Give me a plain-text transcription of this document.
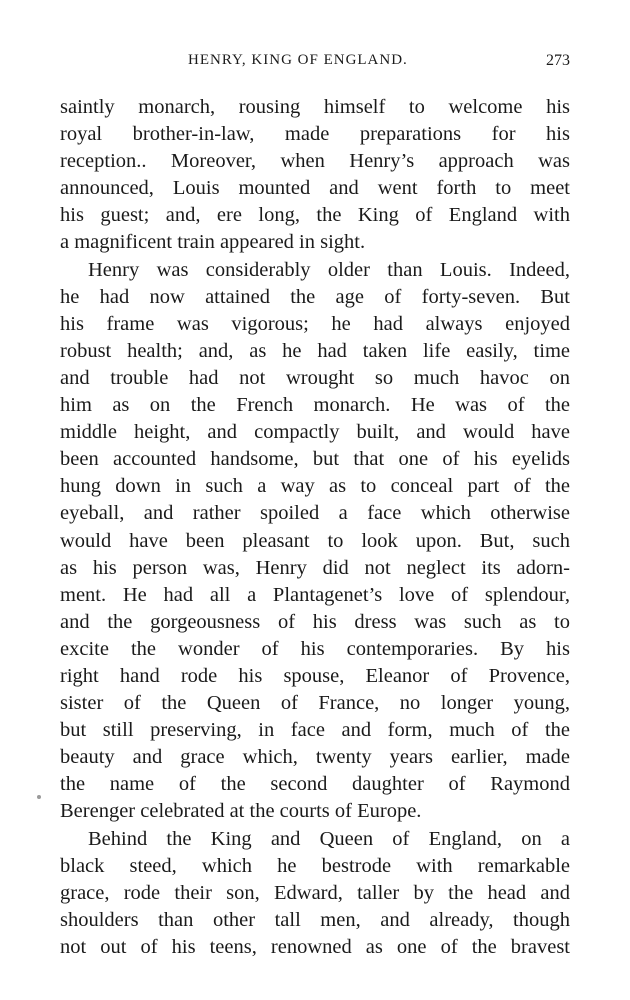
HENRY, KING OF ENGLAND.	273
saintly monarch, rousing himself to welcome his
royal brother-in-law, made preparations for his
reception.. Moreover, when Henry’s approach was
announced, Louis mounted and went forth to meet
his guest; and, ere long, the King of England with
a magnificent train appeared in sight.
Henry was considerably older than Louis. Indeed,
he had now attained the age of forty-seven. But
his frame was vigorous; he had always enjoyed
robust health; and, as he had taken life easily, time
and trouble had not wrought so much havoc on
him as on the French monarch. He was of the
middle height, and compactly built, and would have
been accounted handsome, but that one of his eyelids
hung down in such a way as to conceal part of the
eyeball, and rather spoiled a face which otherwise
would have been pleasant to look upon. But, such
as his person was, Henry did not neglect its adorn-
ment. He had all a Plantagenet’s love of splendour,
and the gorgeousness of his dress was such as to
excite the wonder of his contemporaries. By his
right hand rode his spouse, Eleanor of Provence,
sister of the Queen of France, no longer young,
but still preserving, in face and form, much of the
beauty and grace which, twenty years earlier, made
the name of the second daughter of Raymond
Berenger celebrated at the courts of Europe.
Behind the King and Queen of England, on a
black steed, which he bestrode with remarkable
grace, rode their son, Edward, taller by the head and
shoulders than other tall men, and already, though
not out of his teens, renowned as one of the bravest
